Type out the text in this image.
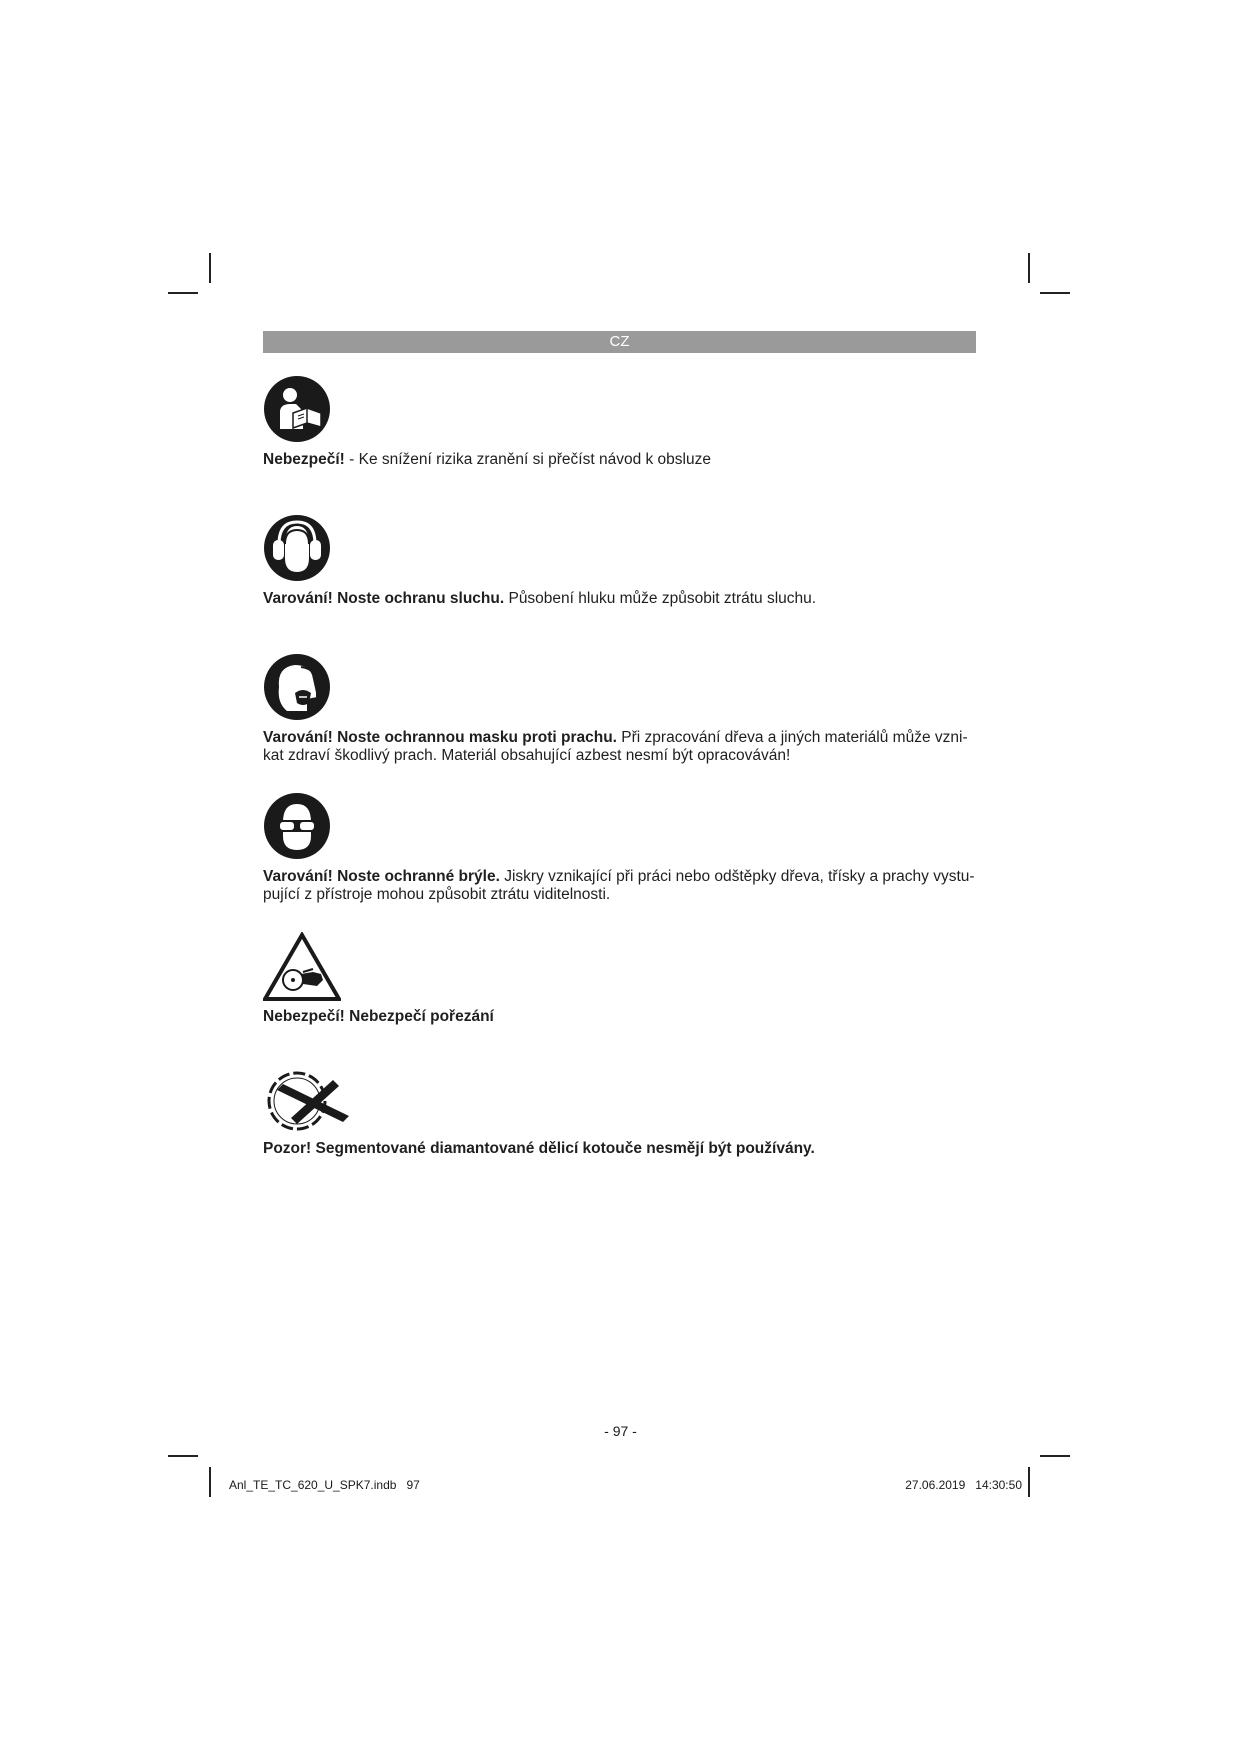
CZ

Nebezpečí! - Ke snížení rizika zranění si přečíst návod k obsluze

Varování! Noste ochranu sluchu. Působení hluku může způsobit ztrátu sluchu.

Varování! Noste ochrannou masku proti prachu. Při zpracování dřeva a jiných materiálů může vzni-kat zdraví škodlivý prach. Materiál obsahující azbest nesmí být opracováván!

Varování! Noste ochranné brýle. Jiskry vznikající při práci nebo odštěpky dřeva, třísky a prachy vystu-pující z přístroje mohou způsobit ztrátu viditelnosti.

Nebezpečí! Nebezpečí pořezání

Pozor! Segmentované diamantované dělicí kotouče nesmějí být používány.

- 97 -
Anl_TE_TC_620_U_SPK7.indb   97	27.06.2019   14:30:50
